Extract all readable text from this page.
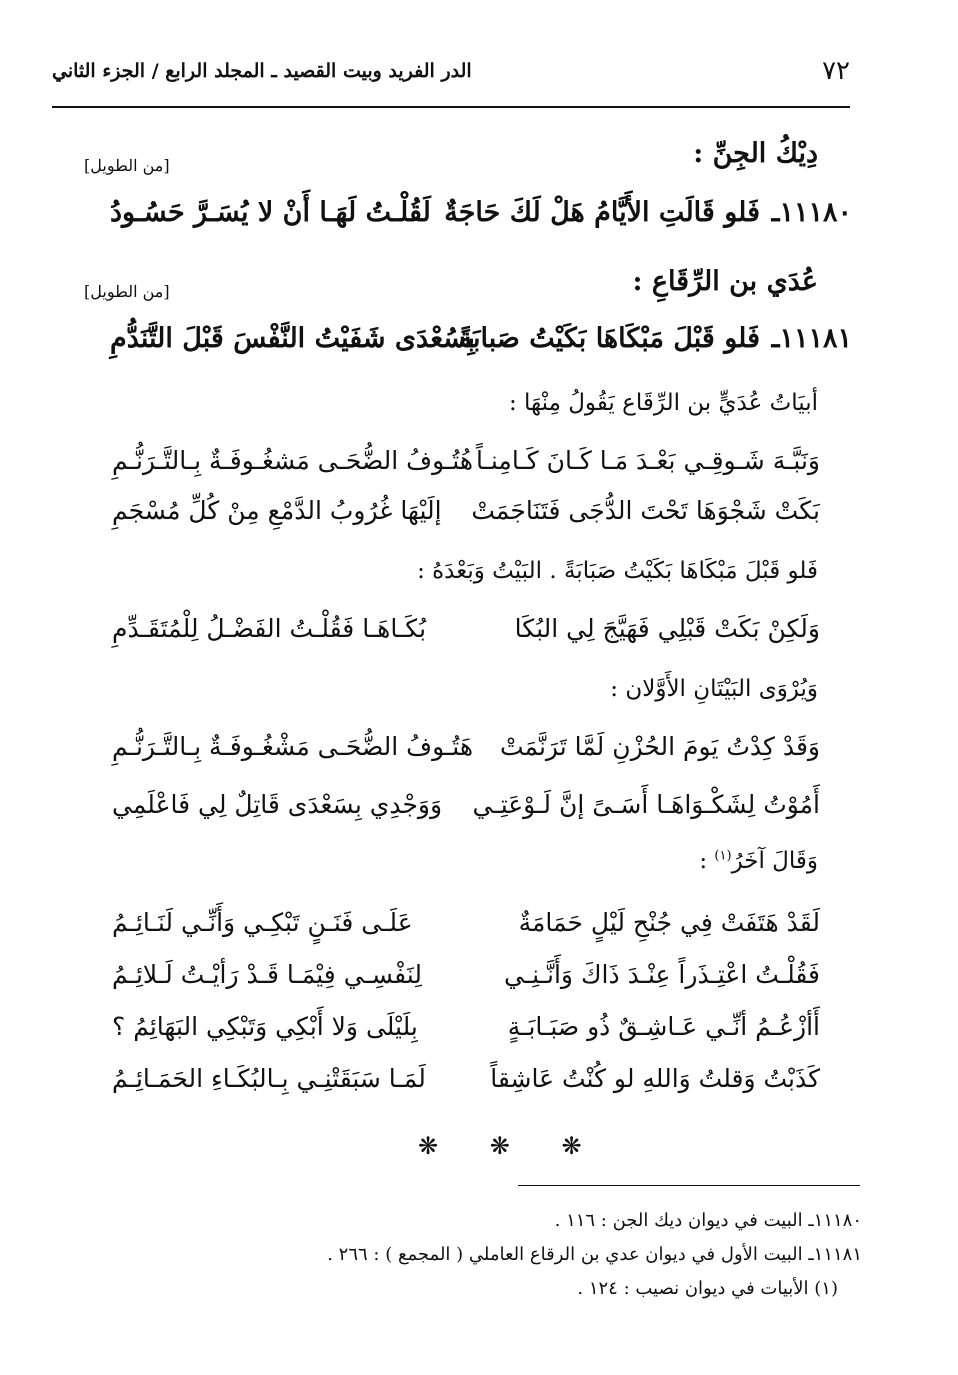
٧٢
الدر الفريد وبيت القصيد ـ المجلد الرابع / الجزء الثاني
دِيْكُ الجِنِّ :
[من الطويل]
١١١٨٠ـ
فَلو قَالَتِ الأَيَّامُ هَلْ لَكَ حَاجَةٌ
لَقُلْـتُ لَهَـا أَنْ لا يُسَـرَّ حَسُـودُ
عُدَي بن الرِّقَاعِ :
[من الطويل]
١١١٨١ـ
فَلو قَبْلَ مَبْكَاهَا بَكَيْتُ صَبابَةً
بِسُعْدَى شَفَيْتُ النَّفْسَ قَبْلَ التَّنَدُّمِ
أبيَاتُ عُدَيٍّ بن الرِّقَاع يَقُولُ مِنْهَا :
وَنَبَّـهَ شَـوقِـي بَعْـدَ مَـا كَـانَ كَـامِنـاً
هُتُـوفُ الضُّحَـى مَشغُـوفَـةٌ بِـالتَّـرَنُّـمِ
بَكَتْ شَجْوَهَا تَحْتَ الدُّجَى فَتَنَاجَمَتْ
إلَيْهَا غُرُوبُ الدَّمْعِ مِنْ كُلِّ مُسْجَمِ
فَلو قَبْلَ مَبْكَاهَا بَكَيْتُ صَبَابَةً . البَيْتُ وَبَعْدَهُ :
وَلَكِنْ بَكَتْ قَبْلِي فَهَيَّجَ لِي البُكَا
بُكَـاهَـا فَقُلْـتُ الفَضْـلُ لِلْمُتَقَـدِّمِ
وَيُرْوَى البَيْتَانِ الأَوَّلان :
وَقَدْ كِدْتُ يَومَ الحُزْنِ لَمَّا تَرَنَّمَتْ
هَتُـوفُ الضُّحَـى مَشْغُـوفَـةٌ بِـالتَّـرَنُّـمِ
أَمُوْتُ لِشَكْـوَاهَـا أَسَـىً إنَّ لَـوْعَتِـي
وَوَجْدِي بِسَعْدَى قَاتِلٌ لِي فَاعْلَمِي
وَقَالَ آخَرُ$^{(١)}$ :
لَقَدْ هَتَفَتْ فِي جُنْحِ لَيْلٍ حَمَامَةٌ
عَلَـى فَنَـنٍ تَبْكِـي وَأَنِّـي لَنَـائِـمُ
فَقُلْـتُ اعْتِـذَراً عِنْـدَ ذَاكَ وَأَنَّـنِـي
لِنَفْسِـي فِيْمَـا قَـدْ رَأيْـتُ لَـلائِـمُ
أَأزْعُـمُ أنِّـي عَـاشِـقٌ ذُو صَبَـابَـةٍ
بِلَيْلَى وَلا أَبْكِي وَتَبْكِي البَهَائِمُ ؟
كَذَبْتُ وَقلتُ وَاللهِ لو كُنْتُ عَاشِقاً
لَمَـا سَبَقَتْنِـي بِـالبُكَـاءِ الحَمَـائِـمُ
❋ ❋ ❋
١١١٨٠ـ البيت في ديوان ديك الجن : ١١٦ .
١١١٨١ـ البيت الأول في ديوان عدي بن الرقاع العاملي ( المجمع ) : ٢٦٦ .
(١) الأبيات في ديوان نصيب : ١٢٤ .
